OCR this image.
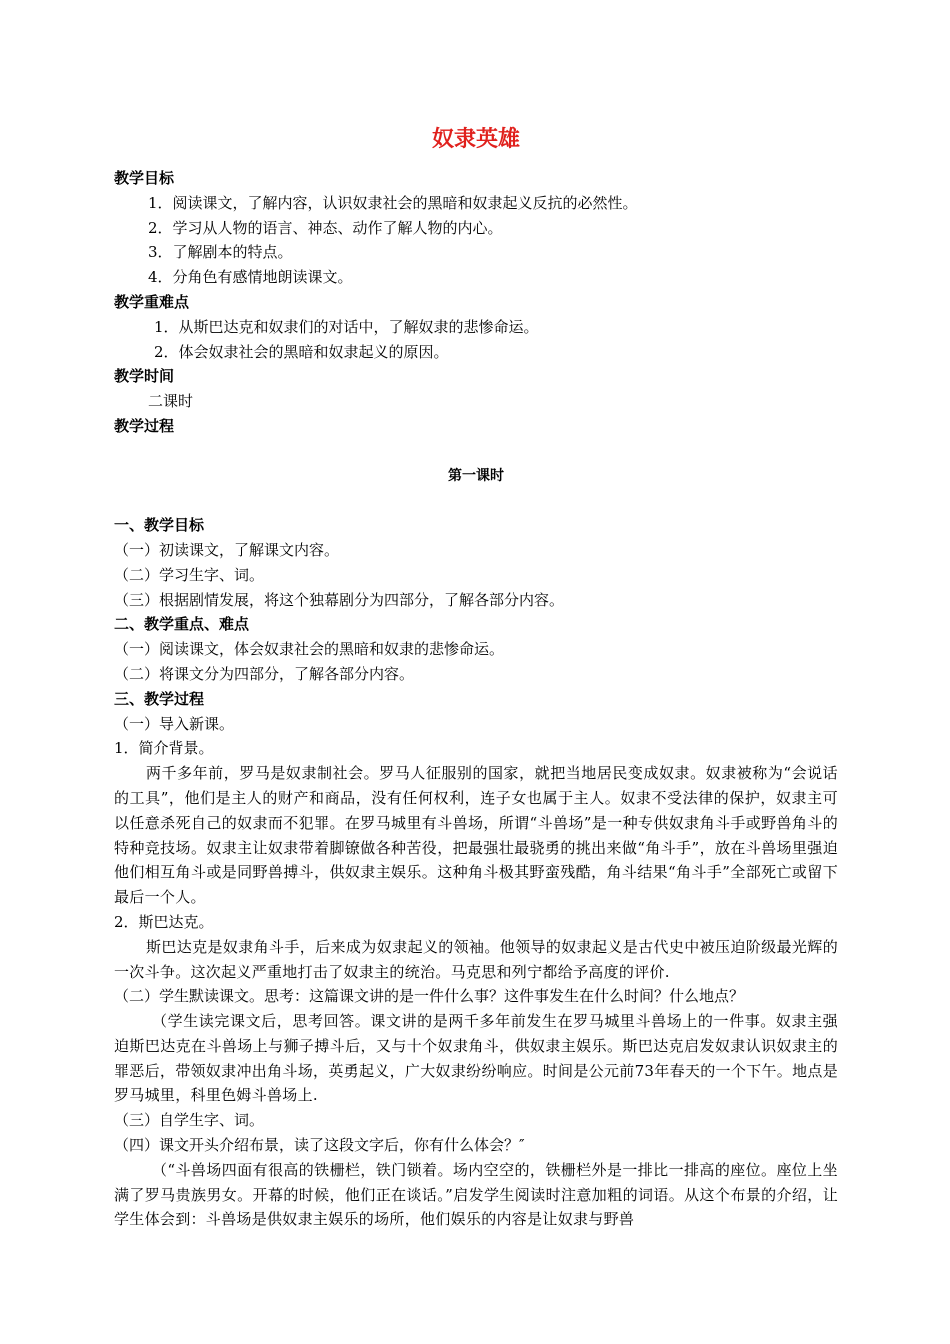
奴隶英雄
教学目标
1．阅读课文，了解内容，认识奴隶社会的黑暗和奴隶起义反抗的必然性。
2．学习从人物的语言、神态、动作了解人物的内心。
3．了解剧本的特点。
4．分角色有感情地朗读课文。
教学重难点
1．从斯巴达克和奴隶们的对话中，了解奴隶的悲惨命运。
2．体会奴隶社会的黑暗和奴隶起义的原因。
教学时间
二课时
教学过程
第一课时
一、教学目标
（一）初读课文，了解课文内容。
（二）学习生字、词。
（三）根据剧情发展，将这个独幕剧分为四部分，了解各部分内容。
二、教学重点、难点
（一）阅读课文，体会奴隶社会的黑暗和奴隶的悲惨命运。
（二）将课文分为四部分，了解各部分内容。
三、教学过程
（一）导入新课。
1．简介背景。

两千多年前，罗马是奴隶制社会。罗马人征服别的国家，就把当地居民变成奴隶。奴隶被称为“会说话的工具”，他们是主人的财产和商品，没有任何权利，连子女也属于主人。奴隶不受法律的保护，奴隶主可以任意杀死自己的奴隶而不犯罪。在罗马城里有斗兽场，所谓“斗兽场”是一种专供奴隶角斗手或野兽角斗的特种竞技场。奴隶主让奴隶带着脚镣做各种苦役，把最强壮最骁勇的挑出来做“角斗手”，放在斗兽场里强迫他们相互角斗或是同野兽搏斗，供奴隶主娱乐。这种角斗极其野蛮残酷，角斗结果“角斗手”全部死亡或留下最后一个人。

2．斯巴达克。

斯巴达克是奴隶角斗手，后来成为奴隶起义的领袖。他领导的奴隶起义是古代史中被压迫阶级最光辉的一次斗争。这次起义严重地打击了奴隶主的统治。马克思和列宁都给予高度的评价.

（二）学生默读课文。思考：这篇课文讲的是一件什么事？这件事发生在什么时间？什么地点？

（学生读完课文后，思考回答。课文讲的是两千多年前发生在罗马城里斗兽场上的一件事。奴隶主强迫斯巴达克在斗兽场上与狮子搏斗后，又与十个奴隶角斗，供奴隶主娱乐。斯巴达克启发奴隶认识奴隶主的罪恶后，带领奴隶冲出角斗场，英勇起义，广大奴隶纷纷响应。时间是公元前73年春天的一个下午。地点是罗马城里，科里色姆斗兽场上.

（三）自学生字、词。
（四）课文开头介绍布景，读了这段文字后，你有什么体会？″

（“斗兽场四面有很高的铁栅栏，铁门锁着。场内空空的，铁栅栏外是一排比一排高的座位。座位上坐满了罗马贵族男女。开幕的时候，他们正在谈话。”启发学生阅读时注意加粗的词语。从这个布景的介绍，让学生体会到：斗兽场是供奴隶主娱乐的场所，他们娱乐的内容是让奴隶与野兽
